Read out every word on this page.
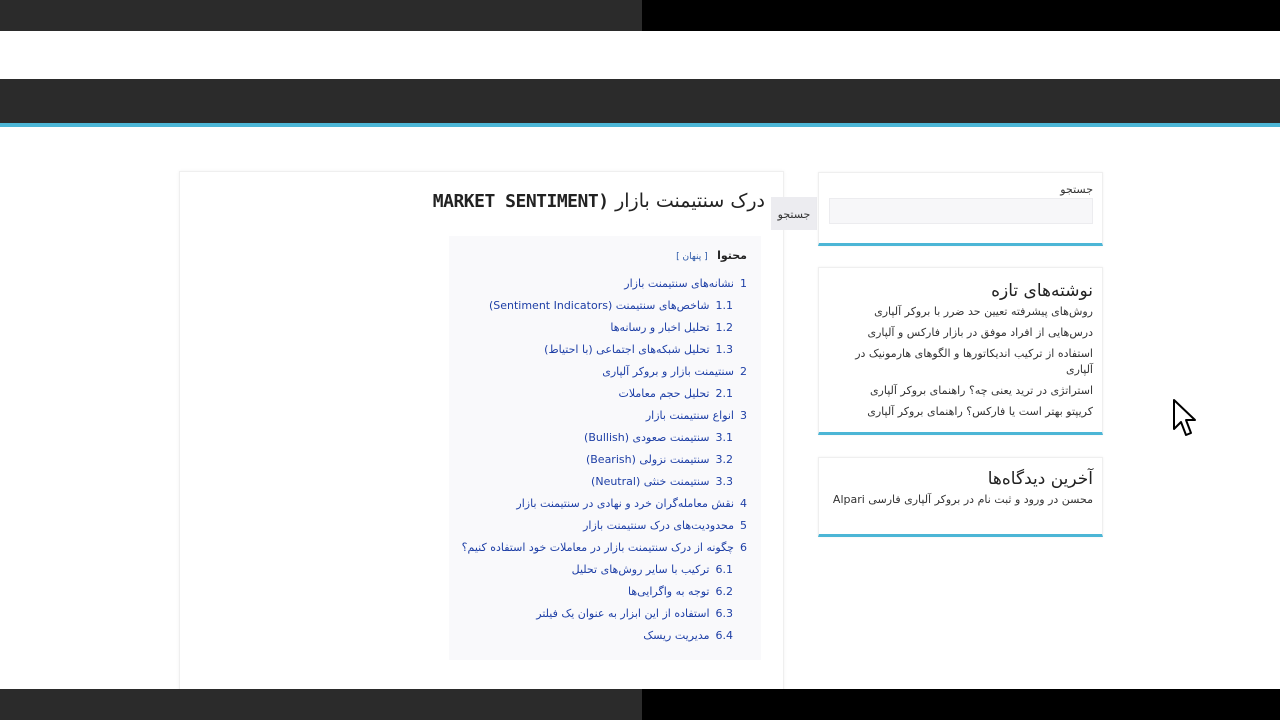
درک سنتیمنت بازار (MARKET SENTIMENT
جستجو
محتوا [ پنهان ]
1نشانه‌های سنتیمنت بازار
1.1شاخص‌های سنتیمنت (Sentiment Indicators)
1.2تحلیل اخبار و رسانه‌ها
1.3تحلیل شبکه‌های اجتماعی (با احتیاط)
2سنتیمنت بازار و بروکر آلپاری
2.1تحلیل حجم معاملات
3انواع سنتیمنت بازار
3.1سنتیمنت صعودی (Bullish)
3.2سنتیمنت نزولی (Bearish)
3.3سنتیمنت خنثی (Neutral)
4نقش معامله‌گران خرد و نهادی در سنتیمنت بازار
5محدودیت‌های درک سنتیمنت بازار
6چگونه از درک سنتیمنت بازار در معاملات خود استفاده کنیم؟
6.1ترکیب با سایر روش‌های تحلیل
6.2توجه به واگرایی‌ها
6.3استفاده از این ابزار به عنوان یک فیلتر
6.4مدیریت ریسک
جستجو
نوشته‌های تازه
روش‌های پیشرفته تعیین حد ضرر با بروکر آلپاری
درس‌هایی از افراد موفق در بازار فارکس و آلپاری
استفاده از ترکیب اندیکاتورها و الگوهای هارمونیک در آلپاری
استراتژی در ترید یعنی چه؟ راهنمای بروکر آلپاری
کریپتو بهتر است یا فارکس؟ راهنمای بروکر آلپاری
آخرین دیدگاه‌ها
محسن در ورود و ثبت نام در بروکر آلپاری فارسی Alpari
